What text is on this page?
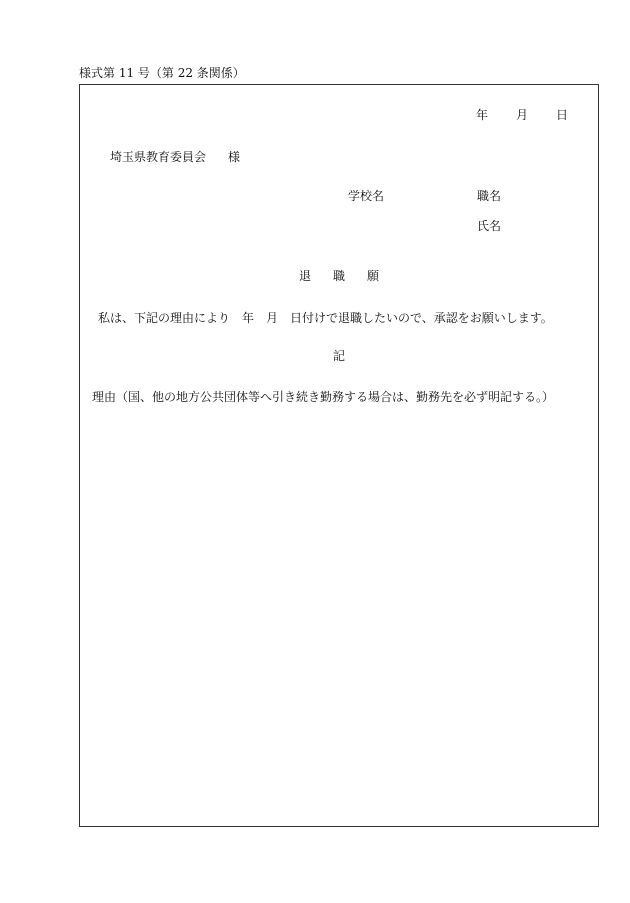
様式第 11 号（第 22 条関係）
年 月 日
埼玉県教育委員会 様
学校名	職名
氏名
退 職 願
私は、下記の理由により　年　月　日付けで退職したいので、承認をお願いします。
記
理由（国、他の地方公共団体等へ引き続き勤務する場合は、勤務先を必ず明記する。）
